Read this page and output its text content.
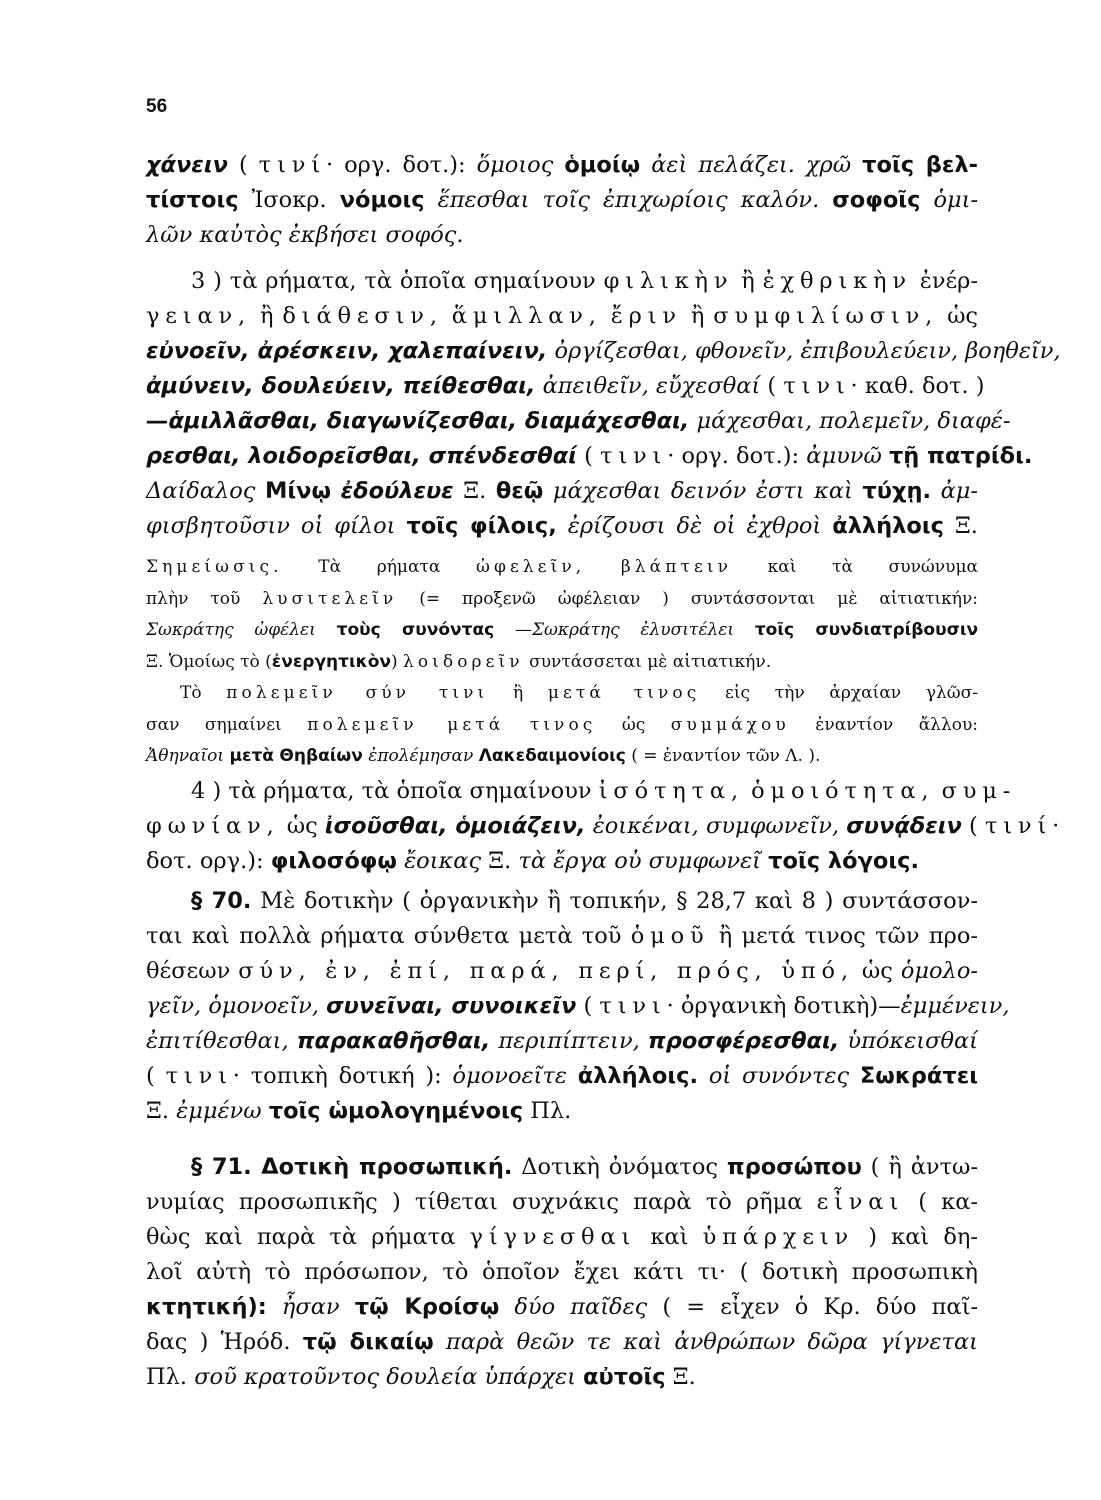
56
χάνειν ( τινί· οργ. δοτ.): ὅμοιος ὁμοίῳ ἀεὶ πελάζει. χρῶ τοῖς βελ-
τίστοις Ἰσοκρ. νόμοις ἕπεσθαι τοῖς ἐπιχωρίοις καλόν. σοφοῖς ὁμι-
λῶν καὐτὸς ἐκβήσει σοφός.
  3 ) τὰ ρήματα, τὰ ὁποῖα σημαίνουν φιλικὴν ἢ ἐχθρικὴν ἐνέρ-
γειαν, ἢ διάθεσιν, ἅμιλλαν, ἔριν ἢ συμφιλίωσιν, ὡς
εὐνοεῖν, ἀρέσκειν, χαλεπαίνειν, ὀργίζεσθαι, φθονεῖν, ἐπιβουλεύειν, βοηθεῖν,
ἀμύνειν, δουλεύειν, πείθεσθαι, ἀπειθεῖν, εὔχεσθαί ( τινι· καθ. δοτ. )
—ἁμιλλᾶσθαι, διαγωνίζεσθαι, διαμάχεσθαι, μάχεσθαι, πολεμεῖν, διαφέ-
ρεσθαι, λοιδορεῖσθαι, σπένδεσθαί ( τινι· οργ. δοτ.): ἀμυνῶ τῇ πατρίδι.
Δαίδαλος Μίνῳ ἐδούλευε Ξ. θεῷ μάχεσθαι δεινόν ἐστι καὶ τύχῃ. ἀμ-
φισβητοῦσιν οἱ φίλοι τοῖς φίλοις, ἐρίζουσι δὲ οἱ ἐχθροὶ ἀλλήλοις Ξ.
Σημείωσις. Τὰ ρήματα ὠφελεῖν, βλάπτειν καὶ τὰ συνώνυμα
πλὴν τοῦ λυσιτελεῖν (= προξενῶ ὠφέλειαν ) συντάσσονται μὲ αἰτιατικήν:
Σωκράτης ὠφέλει τοὺς συνόντας —Σωκράτης ἐλυσιτέλει τοῖς συνδιατρίβουσιν
Ξ. Ὁμοίως τὸ (ἐνεργητικὸν) λοιδορεῖν συντάσσεται μὲ αἰτιατικήν.
  Τὸ πολεμεῖν σύν τινι ἢ μετά τινος εἰς τὴν ἀρχαίαν γλῶσ-
σαν σημαίνει πολεμεῖν μετά τινος ὡς συμμάχου ἐναντίον ἄλλου:
Ἀθηναῖοι μετὰ Θηβαίων ἐπολέμησαν Λακεδαιμονίοις ( = ἐναντίον τῶν Λ. ).
  4 ) τὰ ρήματα, τὰ ὁποῖα σημαίνουν ἰσότητα, ὁμοιότητα, συμ-
φωνίαν, ὡς ἰσοῦσθαι, ὁμοιάζειν, ἐοικέναι, συμφωνεῖν, συνᾴδειν ( τινί·
δοτ. οργ.): φιλοσόφῳ ἔοικας Ξ. τὰ ἔργα οὐ συμφωνεῖ τοῖς λόγοις.
  § 70. Μὲ δοτικὴν ( ὀργανικὴν ἢ τοπικήν, § 28,7 καὶ 8 ) συντάσσον-
ται καὶ πολλὰ ρήματα σύνθετα μετὰ τοῦ ὁμοῦ ἢ μετά τινος τῶν προ-
θέσεων σύν, ἐν, ἐπί, παρά, περί, πρός, ὑπό, ὡς ὁμολο-
γεῖν, ὁμονοεῖν, συνεῖναι, συνοικεῖν ( τινι· ὀργανικὴ δοτικὴ)—ἐμμένειν,
ἐπιτίθεσθαι, παρακαθῆσθαι, περιπίπτειν, προσφέρεσθαι, ὑπόκεισθαί
( τινι· τοπικὴ δοτική ): ὁμονοεῖτε ἀλλήλοις. οἱ συνόντες Σωκράτει
Ξ. ἐμμένω τοῖς ὡμολογημένοις Πλ.
  § 71. Δοτικὴ προσωπική. Δοτικὴ ὀνόματος προσώπου ( ἢ ἀντω-
νυμίας προσωπικῆς ) τίθεται συχνάκις παρὰ τὸ ρῆμα εἶναι ( κα-
θὼς καὶ παρὰ τὰ ρήματα γίγνεσθαι καὶ ὑπάρχειν ) καὶ δη-
λοῖ αὐτὴ τὸ πρόσωπον, τὸ ὁποῖον ἔχει κάτι τι· ( δοτικὴ προσωπικὴ
κτητική): ἦσαν τῷ Κροίσῳ δύο παῖδες ( = εἶχεν ὁ Κρ. δύο παῖ-
δας ) Ἡρόδ. τῷ δικαίῳ παρὰ θεῶν τε καὶ ἀνθρώπων δῶρα γίγνεται
Πλ. σοῦ κρατοῦντος δουλεία ὑπάρχει αὐτοῖς Ξ.
